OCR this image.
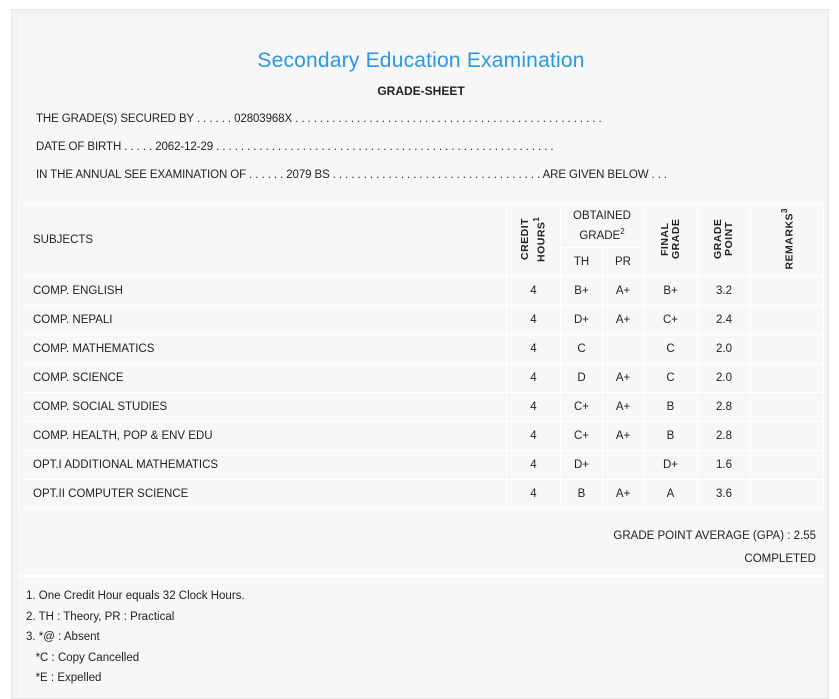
Secondary Education Examination
GRADE-SHEET
THE GRADE(S) SECURED BY . . . . . . 02803968X . . . . . . . . . . . . . . . . . . . . . . . . . . . . . . . . . . . . . . . . . . . . . . . . . .
DATE OF BIRTH . . . . . 2062-12-29 . . . . . . . . . . . . . . . . . . . . . . . . . . . . . . . . . . . . . . . . . . . . . . . . . . . . . . .
IN THE ANNUAL SEE EXAMINATION OF . . . . . . 2079 BS . . . . . . . . . . . . . . . . . . . . . . . . . . . . . . . . . . ARE GIVEN BELOW . . .
SUBJECTS	CREDIT HOURS$^1$	OBTAINED GRADE$^2$		FINAL GRADE	GRADE POINT	REMARKS$^3$
		TH	PR			
COMP. ENGLISH	4	B+	A+	B+	3.2	
COMP. NEPALI	4	D+	A+	C+	2.4	
COMP. MATHEMATICS	4	C		C	2.0	
COMP. SCIENCE	4	D	A+	C	2.0	
COMP. SOCIAL STUDIES	4	C+	A+	B	2.8	
COMP. HEALTH, POP & ENV EDU	4	C+	A+	B	2.8	
OPT.I ADDITIONAL MATHEMATICS	4	D+		D+	1.6	
OPT.II COMPUTER SCIENCE	4	B	A+	A	3.6	
GRADE POINT AVERAGE (GPA) : 2.55
COMPLETED
1. One Credit Hour equals 32 Clock Hours.
2. TH : Theory, PR : Practical
3. *@ : Absent
*C : Copy Cancelled
*E : Expelled
